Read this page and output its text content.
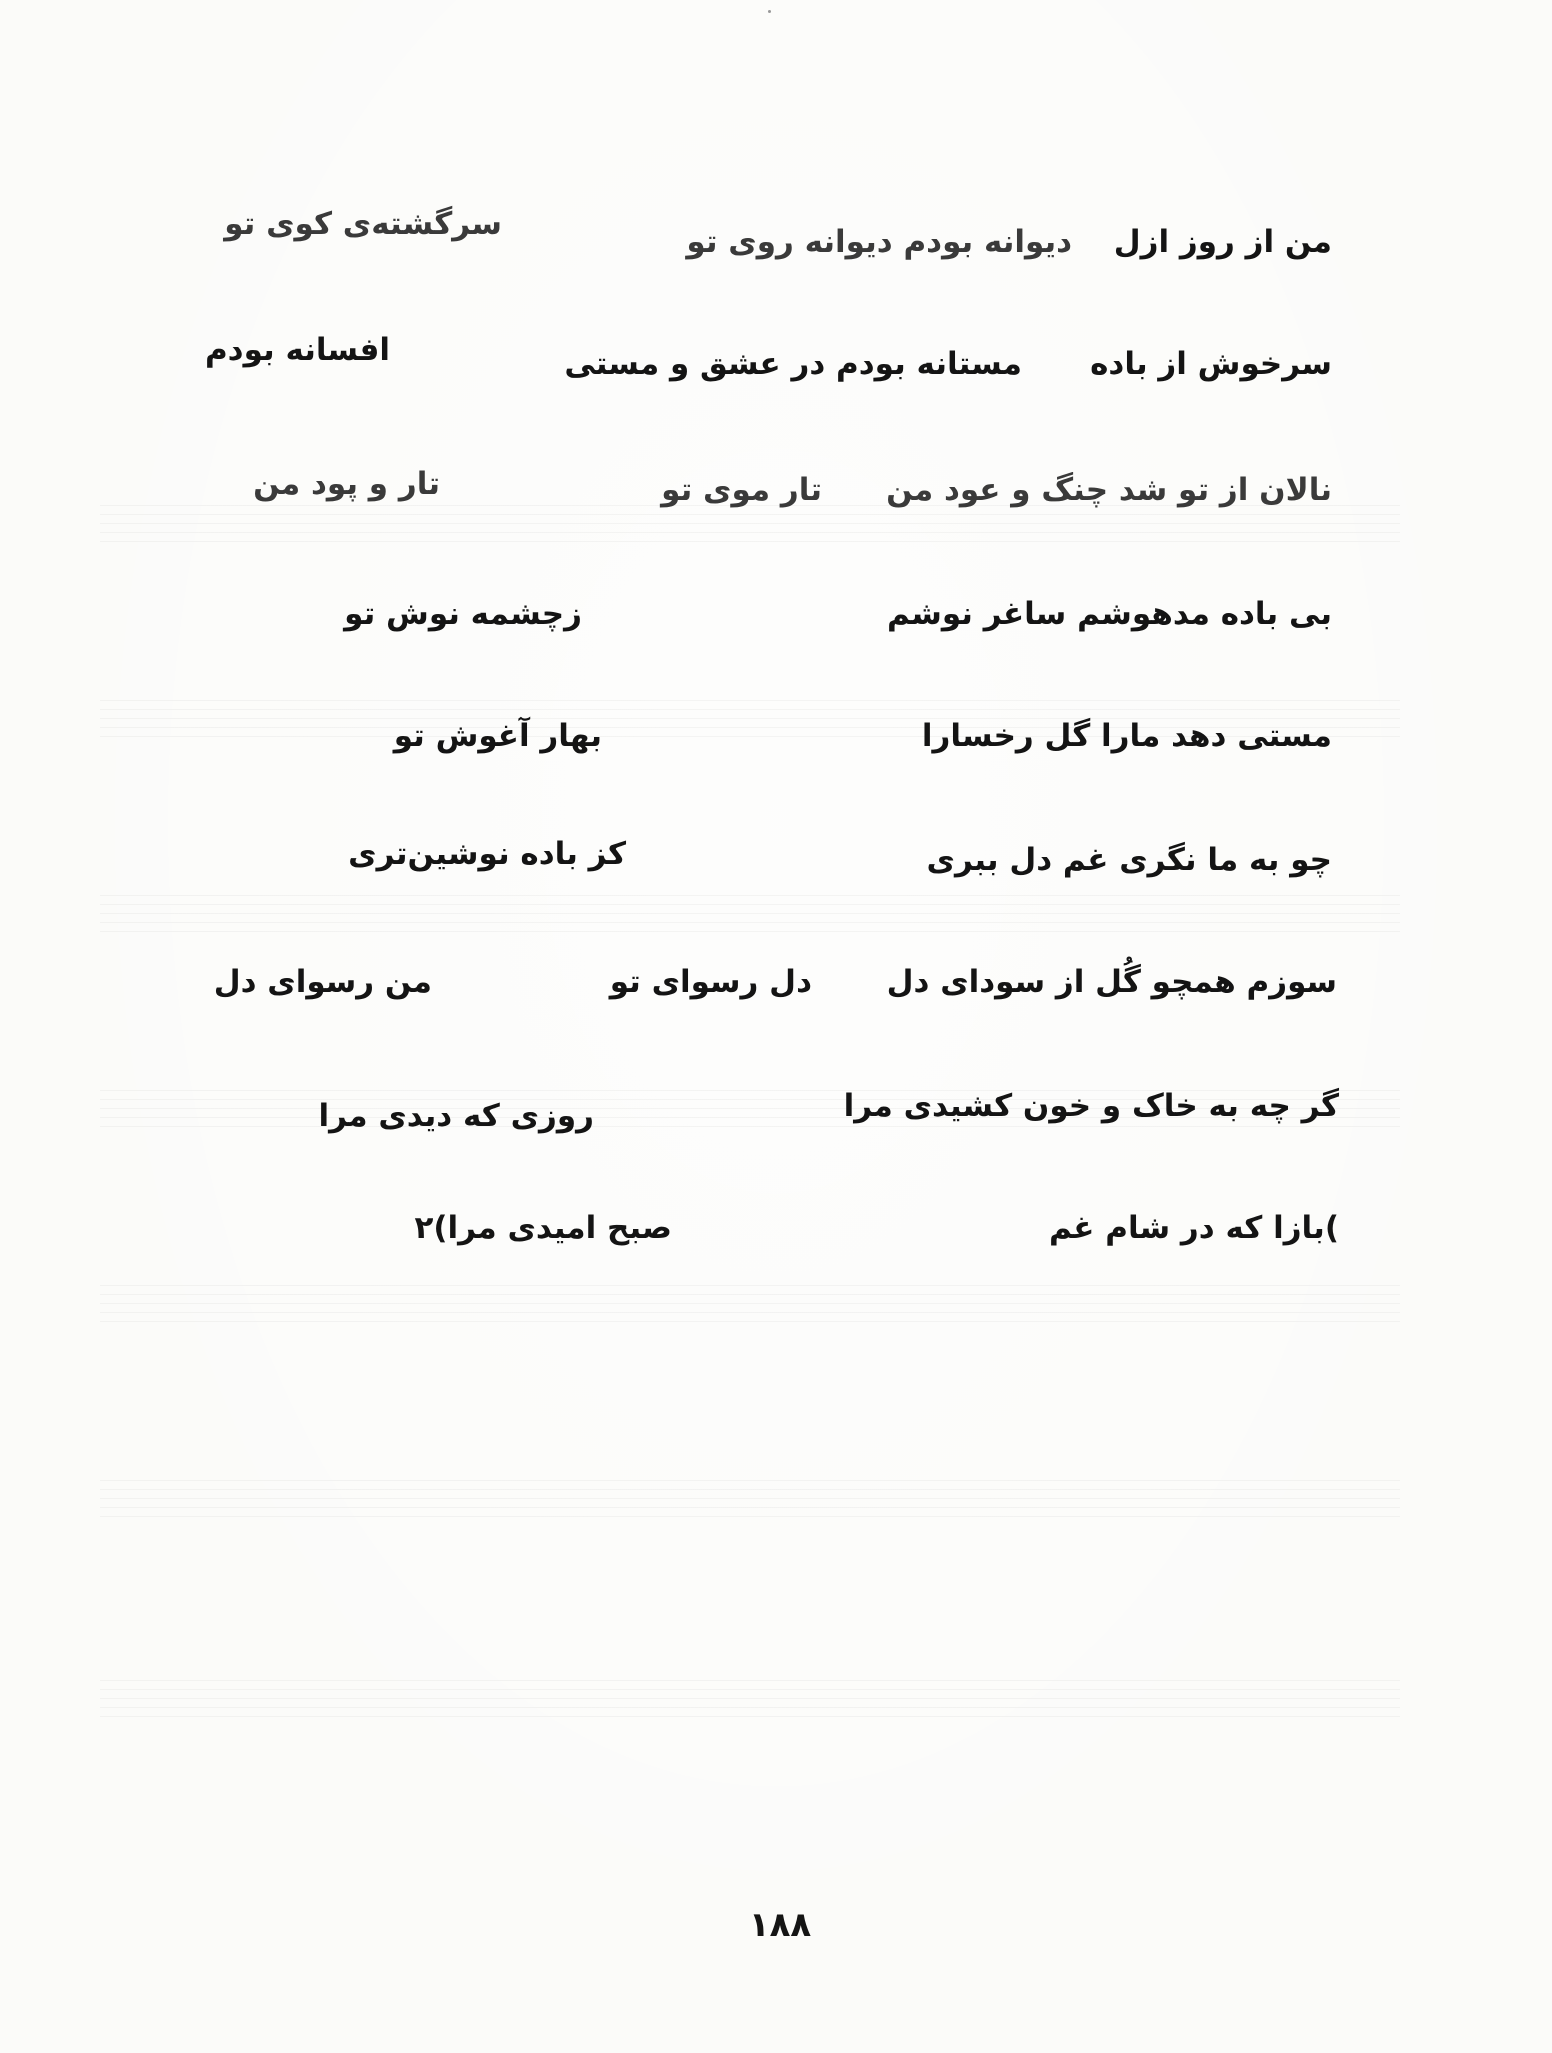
من از روز ازل
دیوانه بودم دیوانه روی تو
سرگشته‌ی کوی تو
سرخوش از باده
مستانه بودم در عشق و مستی
افسانه بودم
نالان از تو شد چنگ و عود من
تار موی تو
تار و پود من
بی باده مدهوشم ساغر نوشم
زچشمه نوش تو
مستی دهد مارا گل رخسارا
بهار آغوش تو
چو به ما نگری غم دل ببری
کز باده نوشین‌تری
سوزم همچو گُل از سودای دل
دل رسوای تو
من رسوای دل
گر چه به خاک و خون کشیدی مرا
روزی که دیدی مرا
)بازا که در شام غم
صبح امیدی مرا)۲
۱۸۸
